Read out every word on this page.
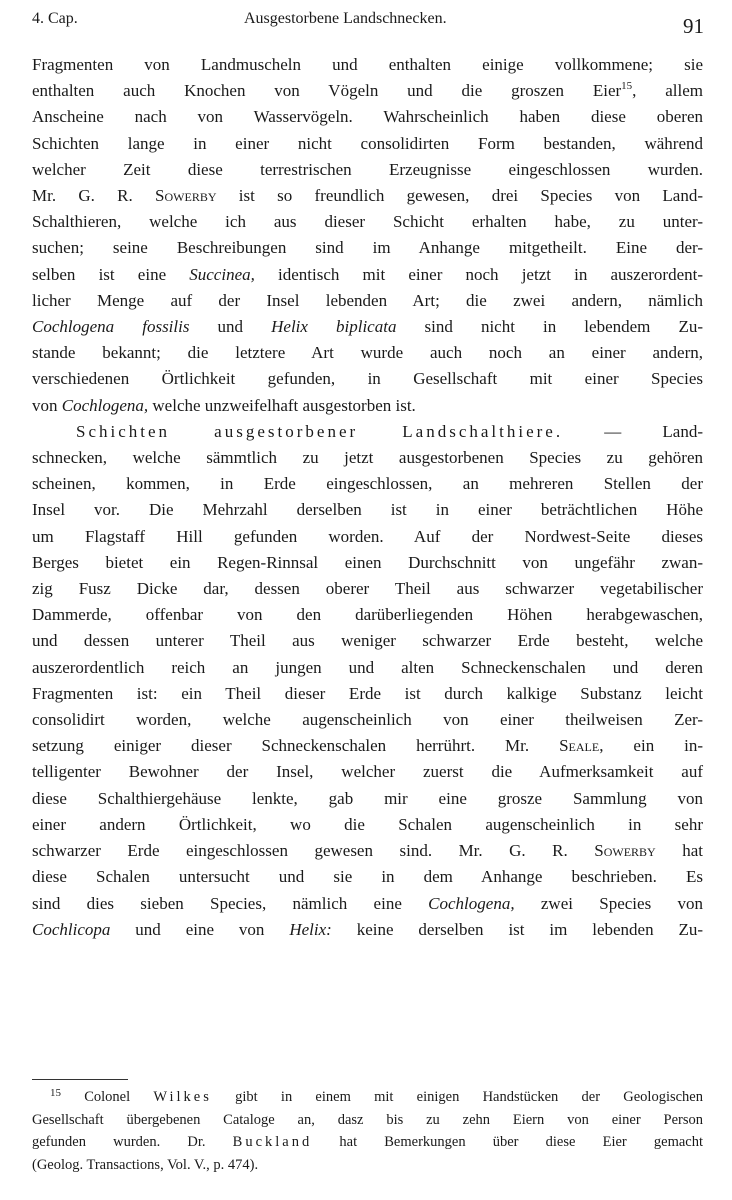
4. Cap.	Ausgestorbene Landschnecken.	91
Fragmenten von Landmuscheln und enthalten einige vollkommene; sie
enthalten auch Knochen von Vögeln und die groszen Eier$^{15}$, allem
Anscheine nach von Wasservögeln. Wahrscheinlich haben diese oberen
Schichten lange in einer nicht consolidirten Form bestanden, während
welcher Zeit diese terrestrischen Erzeugnisse eingeschlossen wurden.
Mr. G. R. Sowerby ist so freundlich gewesen, drei Species von Land-
Schalthieren, welche ich aus dieser Schicht erhalten habe, zu unter-
suchen; seine Beschreibungen sind im Anhange mitgetheilt. Eine der-
selben ist eine Succinea, identisch mit einer noch jetzt in auszerordent-
licher Menge auf der Insel lebenden Art; die zwei andern, nämlich
Cochlogena fossilis und Helix biplicata sind nicht in lebendem Zu-
stande bekannt; die letztere Art wurde auch noch an einer andern,
verschiedenen Örtlichkeit gefunden, in Gesellschaft mit einer Species
von Cochlogena, welche unzweifelhaft ausgestorben ist.
Schichten ausgestorbener Landschalthiere. — Land-
schnecken, welche sämmtlich zu jetzt ausgestorbenen Species zu gehören
scheinen, kommen, in Erde eingeschlossen, an mehreren Stellen der
Insel vor. Die Mehrzahl derselben ist in einer beträchtlichen Höhe
um Flagstaff Hill gefunden worden. Auf der Nordwest-Seite dieses
Berges bietet ein Regen-Rinnsal einen Durchschnitt von ungefähr zwan-
zig Fusz Dicke dar, dessen oberer Theil aus schwarzer vegetabilischer
Dammerde, offenbar von den darüberliegenden Höhen herabgewaschen,
und dessen unterer Theil aus weniger schwarzer Erde besteht, welche
auszerordentlich reich an jungen und alten Schneckenschalen und deren
Fragmenten ist: ein Theil dieser Erde ist durch kalkige Substanz leicht
consolidirt worden, welche augenscheinlich von einer theilweisen Zer-
setzung einiger dieser Schneckenschalen herrührt. Mr. Seale, ein in-
telligenter Bewohner der Insel, welcher zuerst die Aufmerksamkeit auf
diese Schalthiergehäuse lenkte, gab mir eine grosze Sammlung von
einer andern Örtlichkeit, wo die Schalen augenscheinlich in sehr
schwarzer Erde eingeschlossen gewesen sind. Mr. G. R. Sowerby hat
diese Schalen untersucht und sie in dem Anhange beschrieben. Es
sind dies sieben Species, nämlich eine Cochlogena, zwei Species von
Cochlicopa und eine von Helix: keine derselben ist im lebenden Zu-
$^{15}$ Colonel Wilkes gibt in einem mit einigen Handstücken der Geologischen
Gesellschaft übergebenen Cataloge an, dasz bis zu zehn Eiern von einer Person
gefunden wurden. Dr. Buckland hat Bemerkungen über diese Eier gemacht
(Geolog. Transactions, Vol. V., p. 474).
